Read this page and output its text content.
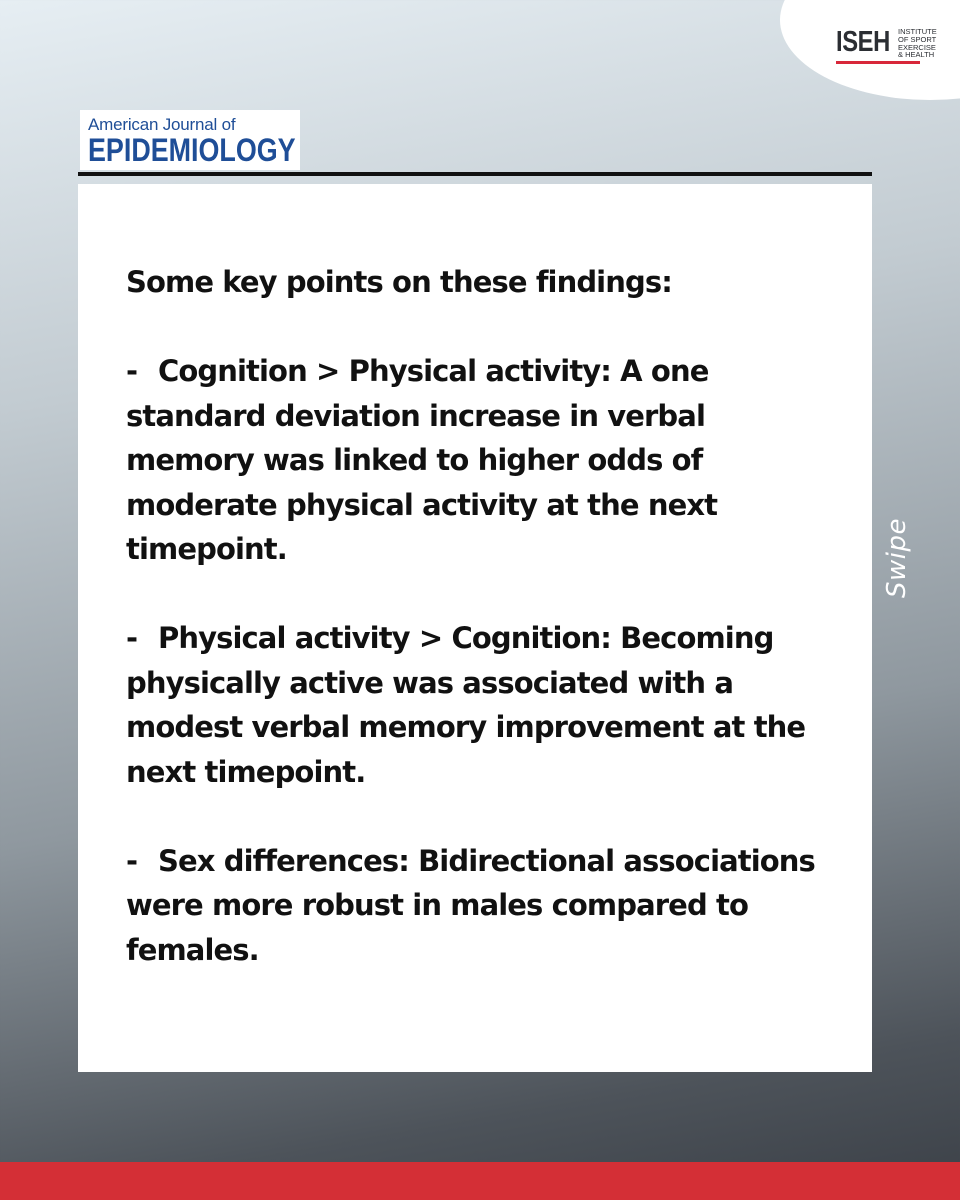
ISEH INSTITUTE
OF SPORT
EXERCISE
& HEALTH
American Journal of
EPIDEMIOLOGY

Some key points on these findings:

- Cognition > Physical activity: A one standard deviation increase in verbal memory was linked to higher odds of moderate physical activity at the next timepoint.

- Physical activity > Cognition: Becoming physically active was associated with a modest verbal memory improvement at the next timepoint.

- Sex differences: Bidirectional associations were more robust in males compared to females.

Swipe
